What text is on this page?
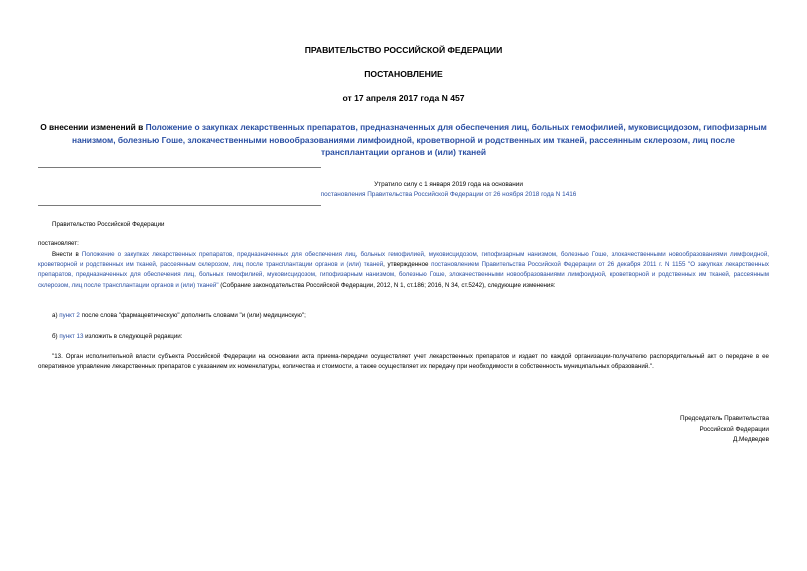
ПРАВИТЕЛЬСТВО РОССИЙСКОЙ ФЕДЕРАЦИИ
ПОСТАНОВЛЕНИЕ
от 17 апреля 2017 года N 457
О внесении изменений в Положение о закупках лекарственных препаратов, предназначенных для обеспечения лиц, больных гемофилией, муковисцидозом, гипофизарным нанизмом, болезнью Гоше, злокачественными новообразованиями лимфоидной, кроветворной и родственных им тканей, рассеянным склерозом, лиц после трансплантации органов и (или) тканей
Утратило силу с 1 января 2019 года на основании
постановления Правительства Российской Федерации от 26 ноября 2018 года N 1416
Правительство Российской Федерации
постановляет:
Внести в Положение о закупках лекарственных препаратов, предназначенных для обеспечения лиц, больных гемофилией, муковисцидозом, гипофизарным нанизмом, болезнью Гоше, злокачественными новообразованиями лимфоидной, кроветворной и родственных им тканей, рассеянным склерозом, лиц после трансплантации органов и (или) тканей, утвержденное постановлением Правительства Российской Федерации от 26 декабря 2011 г. N 1155 "О закупках лекарственных препаратов, предназначенных для обеспечения лиц, больных гемофилией, муковисцидозом, гипофизарным нанизмом, болезнью Гоше, злокачественными новообразованиями лимфоидной, кроветворной и родственных им тканей, рассеянным склерозом, лиц после трансплантации органов и (или) тканей" (Собрание законодательства Российской Федерации, 2012, N 1, ст.186; 2016, N 34, ст.5242), следующие изменения:
а) пункт 2 после слова "фармацевтическую" дополнить словами "и (или) медицинскую";
б) пункт 13 изложить в следующей редакции:
"13. Орган исполнительной власти субъекта Российской Федерации на основании акта приема-передачи осуществляет учет лекарственных препаратов и издает по каждой организации-получателю распорядительный акт о передаче в ее оперативное управление лекарственных препаратов с указанием их номенклатуры, количества и стоимости, а также осуществляет их передачу при необходимости в собственность муниципальных образований.".
Председатель Правительства
Российской Федерации
Д.Медведев
